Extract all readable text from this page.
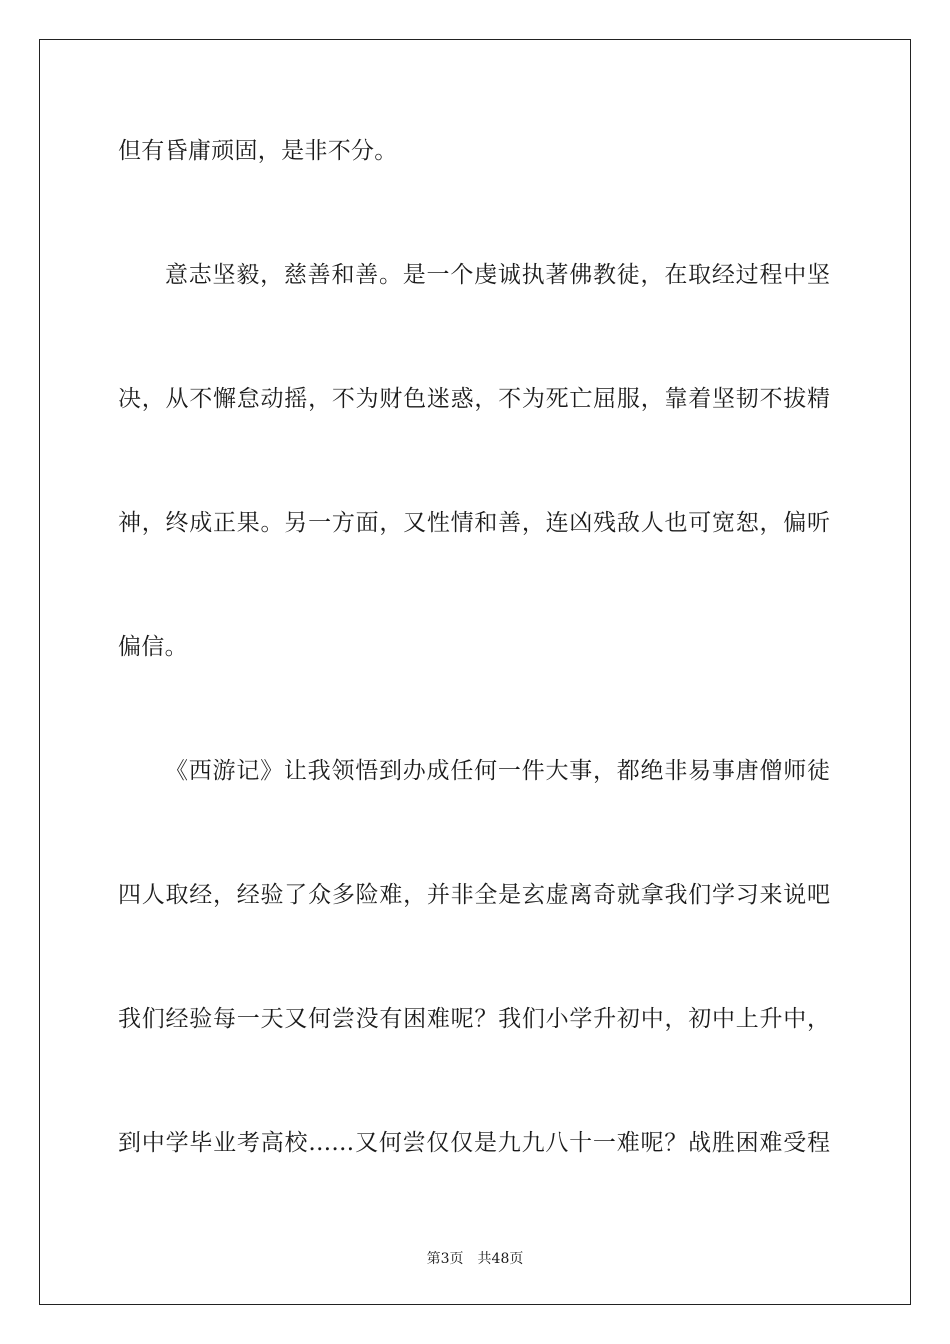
但有昏庸顽固，是非不分。

意志坚毅，慈善和善。是一个虔诚执著佛教徒，在取经过程中坚

决，从不懈怠动摇，不为财色迷惑，不为死亡屈服，靠着坚韧不拔精

神，终成正果。另一方面，又性情和善，连凶残敌人也可宽恕，偏听

偏信。

《西游记》让我领悟到办成任何一件大事，都绝非易事唐僧师徒

四人取经，经验了众多险难，并非全是玄虚离奇就拿我们学习来说吧

我们经验每一天又何尝没有困难呢？我们小学升初中，初中上升中，

到中学毕业考高校……又何尝仅仅是九九八十一难呢？战胜困难受程

第3页 共48页
